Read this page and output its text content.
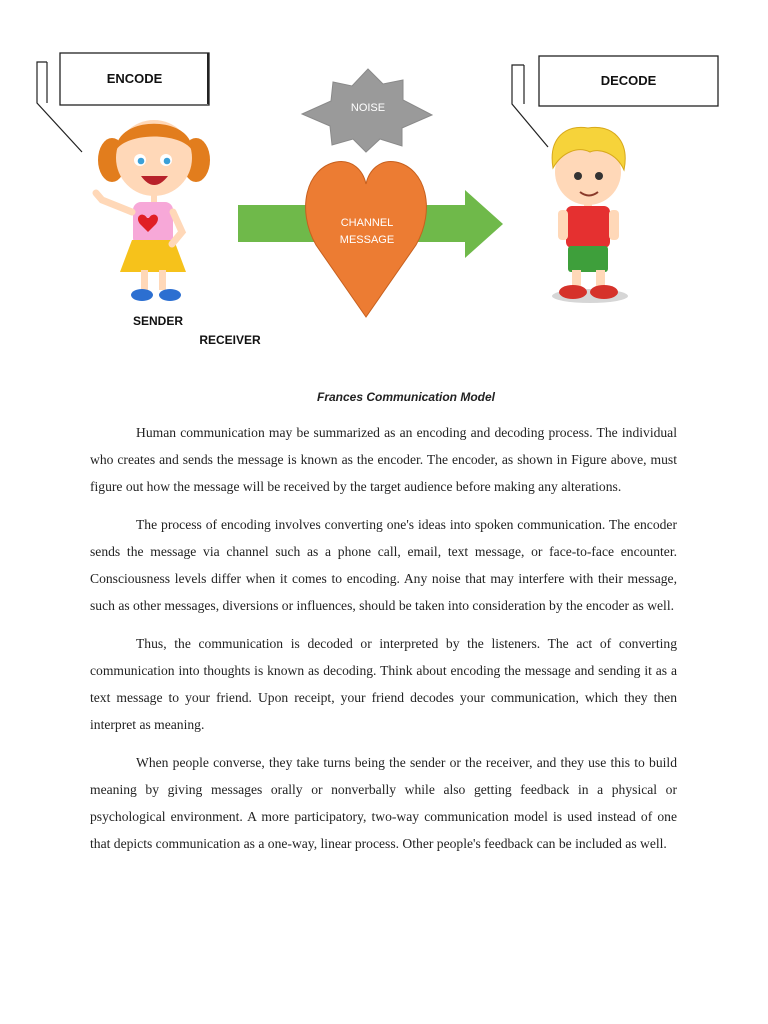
ENCODE	DECODE
NOISE
CHANNEL
MESSAGE
SENDER
RECEIVER
Frances Communication Model

Human communication may be summarized as an encoding and decoding process. The individual who creates and sends the message is known as the encoder. The encoder, as shown in Figure above, must figure out how the message will be received by the target audience before making any alterations.

The process of encoding involves converting one's ideas into spoken communication. The encoder sends the message via channel such as a phone call, email, text message, or face-to-face encounter. Consciousness levels differ when it comes to encoding. Any noise that may interfere with their message, such as other messages, diversions or influences, should be taken into consideration by the encoder as well.

Thus, the communication is decoded or interpreted by the listeners. The act of converting communication into thoughts is known as decoding. Think about encoding the message and sending it as a text message to your friend. Upon receipt, your friend decodes your communication, which they then interpret as meaning.

When people converse, they take turns being the sender or the receiver, and they use this to build meaning by giving messages orally or nonverbally while also getting feedback in a physical or psychological environment. A more participatory, two-way communication model is used instead of one that depicts communication as a one-way, linear process. Other people's feedback can be included as well.
